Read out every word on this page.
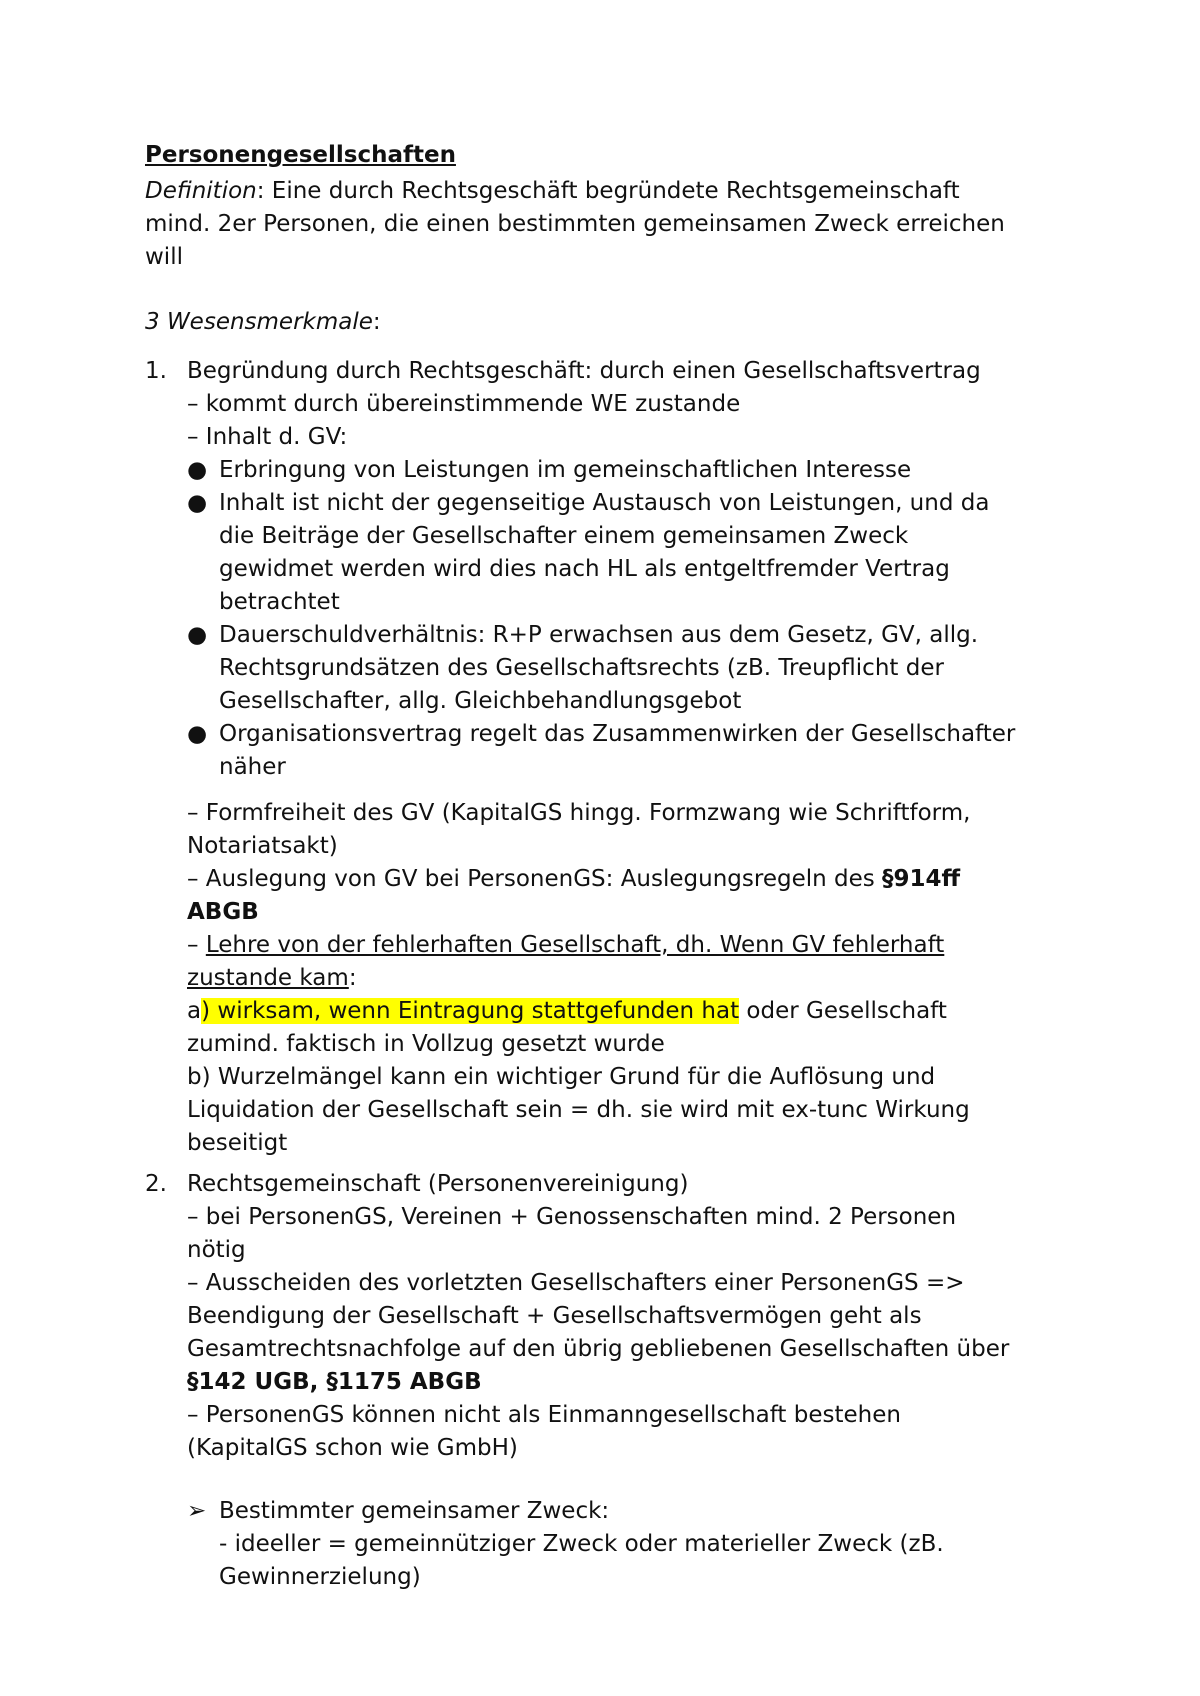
Personengesellschaften
Definition: Eine durch Rechtsgeschäft begründete Rechtsgemeinschaft
mind. 2er Personen, die einen bestimmten gemeinsamen Zweck erreichen
will
3 Wesensmerkmale:
1. Begründung durch Rechtsgeschäft: durch einen Gesellschaftsvertrag
– kommt durch übereinstimmende WE zustande
– Inhalt d. GV:
● Erbringung von Leistungen im gemeinschaftlichen Interesse
● Inhalt ist nicht der gegenseitige Austausch von Leistungen, und da
die Beiträge der Gesellschafter einem gemeinsamen Zweck
gewidmet werden wird dies nach HL als entgeltfremder Vertrag
betrachtet
● Dauerschuldverhältnis: R+P erwachsen aus dem Gesetz, GV, allg.
Rechtsgrundsätzen des Gesellschaftsrechts (zB. Treupflicht der
Gesellschafter, allg. Gleichbehandlungsgebot
● Organisationsvertrag regelt das Zusammenwirken der Gesellschafter
näher
– Formfreiheit des GV (KapitalGS hingg. Formzwang wie Schriftform,
Notariatsakt)
– Auslegung von GV bei PersonenGS: Auslegungsregeln des §914ff
ABGB
– Lehre von der fehlerhaften Gesellschaft, dh. Wenn GV fehlerhaft
zustande kam:
a) wirksam, wenn Eintragung stattgefunden hat oder Gesellschaft
zumind. faktisch in Vollzug gesetzt wurde
b) Wurzelmängel kann ein wichtiger Grund für die Auflösung und
Liquidation der Gesellschaft sein = dh. sie wird mit ex-tunc Wirkung
beseitigt
2. Rechtsgemeinschaft (Personenvereinigung)
– bei PersonenGS, Vereinen + Genossenschaften mind. 2 Personen
nötig
– Ausscheiden des vorletzten Gesellschafters einer PersonenGS =>
Beendigung der Gesellschaft + Gesellschaftsvermögen geht als
Gesamtrechtsnachfolge auf den übrig gebliebenen Gesellschaften über
§142 UGB, §1175 ABGB
– PersonenGS können nicht als Einmanngesellschaft bestehen
(KapitalGS schon wie GmbH)
➢ Bestimmter gemeinsamer Zweck:
- ideeller = gemeinnütziger Zweck oder materieller Zweck (zB.
Gewinnerzielung)
